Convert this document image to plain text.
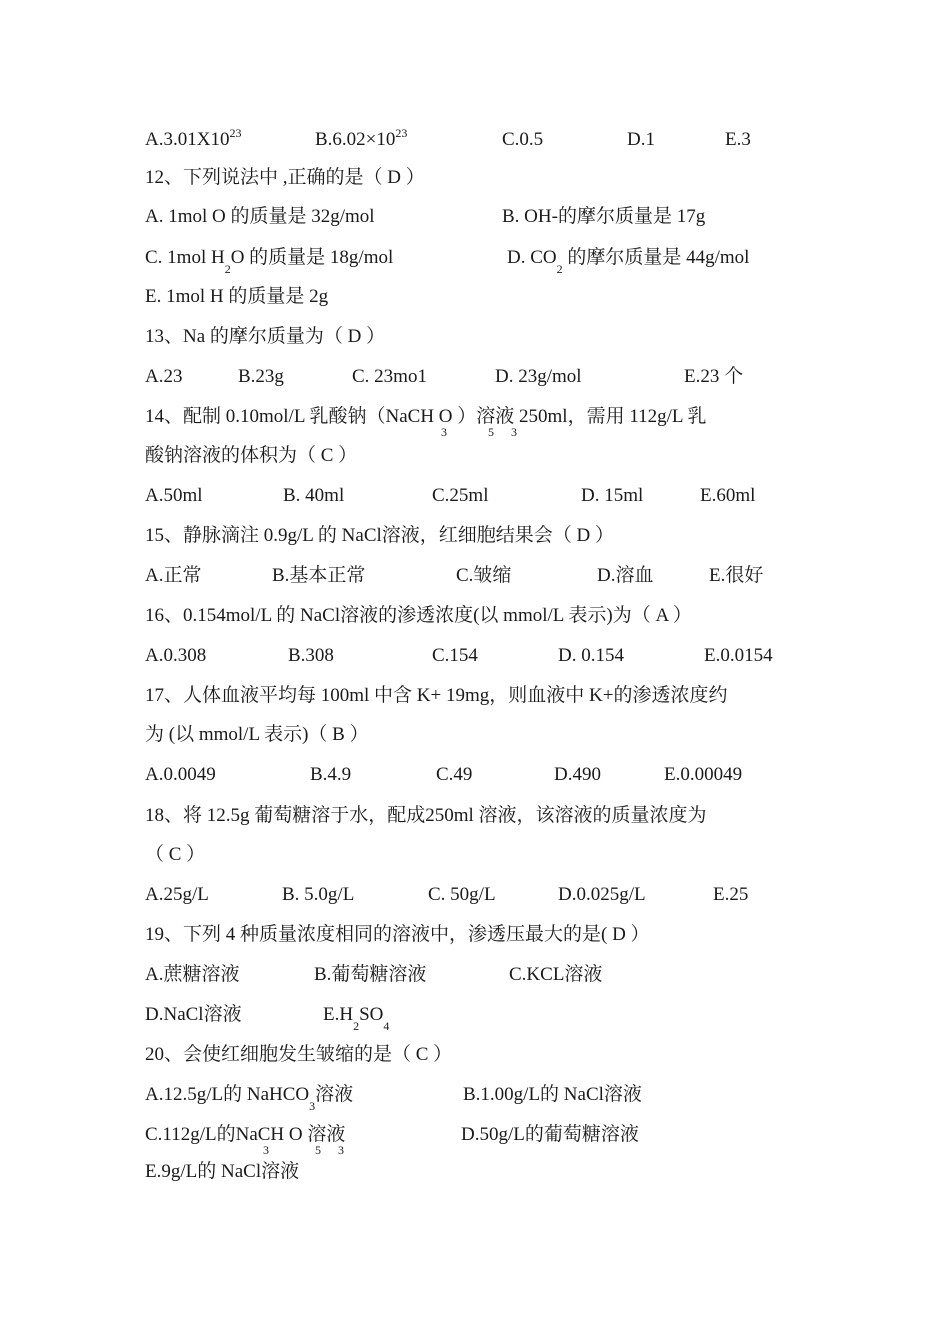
$A.3.01X10^{23}$	$B.6.02\times 10^{23}$	C.0.5	D.1	E.3
12、下列说法中 ,正确的是（ D ）
A. 1mol O 的质量是 32g/mol	B. OH-的摩尔质量是 17g
C. 1mol $H_2O$ 的质量是 18g/mol	D. $CO_2$ 的摩尔质量是 44g/mol
E. 1mol H 的质量是 2g
13、Na 的摩尔质量为（ D ）
A.23	B.23g	C. 23mo1	D. 23g/mol	E.23 个
14、配制 0.10mol/L 乳酸钠（NaCH O ）溶液 250ml，需用 112g/L 乳
3	5 3
酸钠溶液的体积为（ C ）
A.50ml	B. 40ml	C.25ml	D. 15ml	E.60ml
15、静脉滴注 0.9g/L 的 NaCl溶液，红细胞结果会（ D ）
A.正常	B.基本正常	C.皱缩	D.溶血	E.很好
16、0.154mol/L 的 NaCl溶液的渗透浓度(以 mmol/L 表示)为（ A ）
A.0.308	B.308	C.154	D. 0.154	E.0.0154
17、人体血液平均每 100ml 中含 K+ 19mg，则血液中 K+的渗透浓度约
为 (以 mmol/L 表示)（ B ）
A.0.0049	B.4.9	C.49	D.490	E.0.00049
18、将 12.5g 葡萄糖溶于水，配成250ml 溶液，该溶液的质量浓度为
（ C ）
A.25g/L	B. 5.0g/L	C. 50g/L	D.0.025g/L	E.25
19、下列 4 种质量浓度相同的溶液中，渗透压最大的是( D ）
A.蔗糖溶液	B.葡萄糖溶液	C.KCL溶液
D.NaCl溶液	$E.H_2SO_4$
20、会使红细胞发生皱缩的是（ C ）
A.12.5g/L的 NaHCO$_3$溶液	B.1.00g/L的 NaCl溶液
C.112g/L的NaCH O 溶液	D.50g/L的葡萄糖溶液
3	5 3
E.9g/L的 NaCl溶液
